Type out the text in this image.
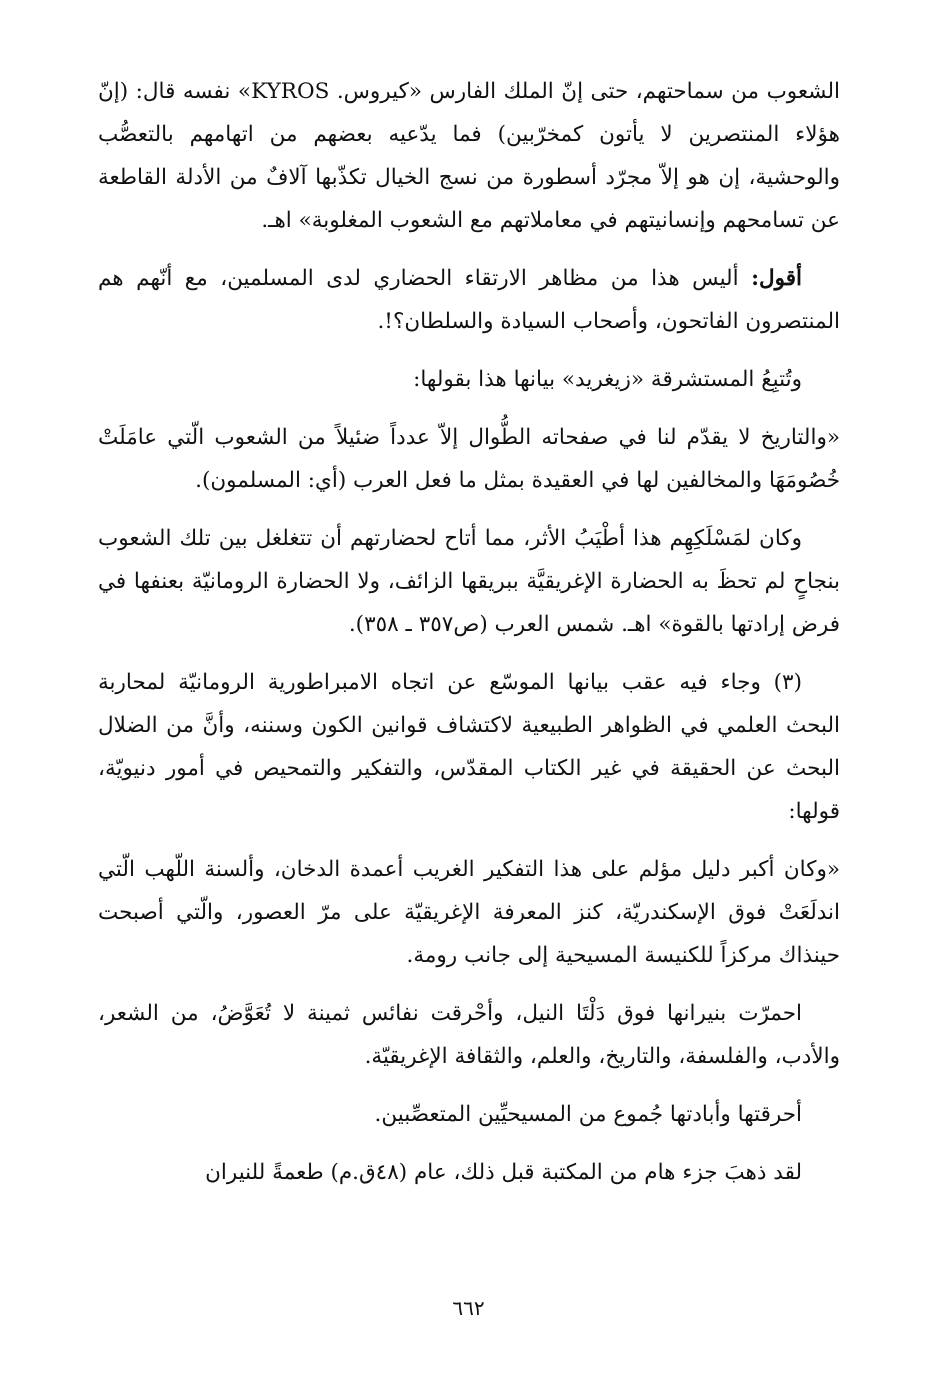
الشعوب من سماحتهم، حتى إنّ الملك الفارس «كيروس. KYROS» نفسه قال: (إنّ هؤلاء المنتصرين لا يأتون كمخرّبين) فما يدّعيه بعضهم من اتهامهم بالتعصُّب والوحشية، إن هو إلاّ مجرّد أسطورة من نسج الخيال تكذّبها آلافٌ من الأدلة القاطعة عن تسامحهم وإنسانيتهم في معاملاتهم مع الشعوب المغلوبة» اهـ.

أقول: أليس هذا من مظاهر الارتقاء الحضاري لدى المسلمين، مع أنّهم هم المنتصرون الفاتحون، وأصحاب السيادة والسلطان؟!.

وتُتبِعُ المستشرقة «زيغريد» بيانها هذا بقولها:

«والتاريخ لا يقدّم لنا في صفحاته الطُّوال إلاّ عدداً ضئيلاً من الشعوب الّتي عامَلَتْ خُصُومَهَا والمخالفين لها في العقيدة بمثل ما فعل العرب (أي: المسلمون).

وكان لمَسْلَكِهِم هذا أطْيَبُ الأثر، مما أتاح لحضارتهم أن تتغلغل بين تلك الشعوب بنجاحٍ لم تحظَ به الحضارة الإغريقيَّة ببريقها الزائف، ولا الحضارة الرومانيّة بعنفها في فرض إرادتها بالقوة» اهـ. شمس العرب (ص٣٥٧ ـ ٣٥٨).

(٣) وجاء فيه عقب بيانها الموسّع عن اتجاه الامبراطورية الرومانيّة لمحاربة البحث العلمي في الظواهر الطبيعية لاكتشاف قوانين الكون وسننه، وأنَّ من الضلال البحث عن الحقيقة في غير الكتاب المقدّس، والتفكير والتمحيص في أمور دنيويّة، قولها:

«وكان أكبر دليل مؤلم على هذا التفكير الغريب أعمدة الدخان، وألسنة اللّهب الّتي اندلَعَتْ فوق الإسكندريّة، كنز المعرفة الإغريقيّة على مرّ العصور، والّتي أصبحت حينذاك مركزاً للكنيسة المسيحية إلى جانب رومة.

احمرّت بنيرانها فوق دَلْتَا النيل، وأحْرقت نفائس ثمينة لا تُعَوَّضُ، من الشعر، والأدب، والفلسفة، والتاريخ، والعلم، والثقافة الإغريقيّة.

أحرقتها وأبادتها جُموع من المسيحيِّين المتعصِّبين.

لقد ذهبَ جزء هام من المكتبة قبل ذلك، عام (٤٨ق.م) طعمةً للنيران

٦٦٢
